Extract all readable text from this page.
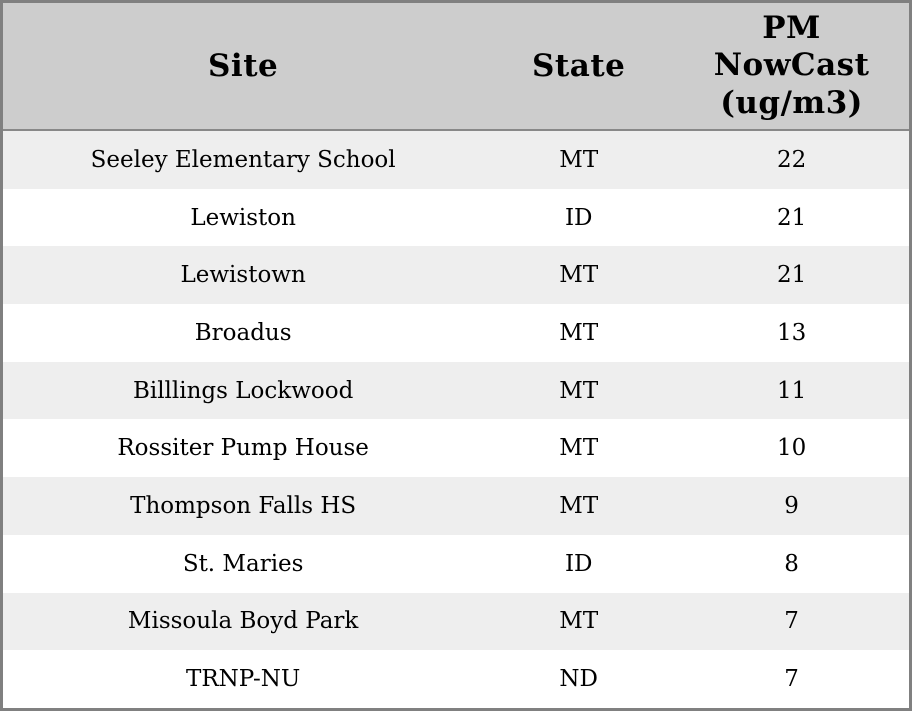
Site	State	PM NowCast (ug/m3)
Seeley Elementary School	MT	22
Lewiston	ID	21
Lewistown	MT	21
Broadus	MT	13
Billlings Lockwood	MT	11
Rossiter Pump House	MT	10
Thompson Falls HS	MT	9
St. Maries	ID	8
Missoula Boyd Park	MT	7
TRNP-NU	ND	7
